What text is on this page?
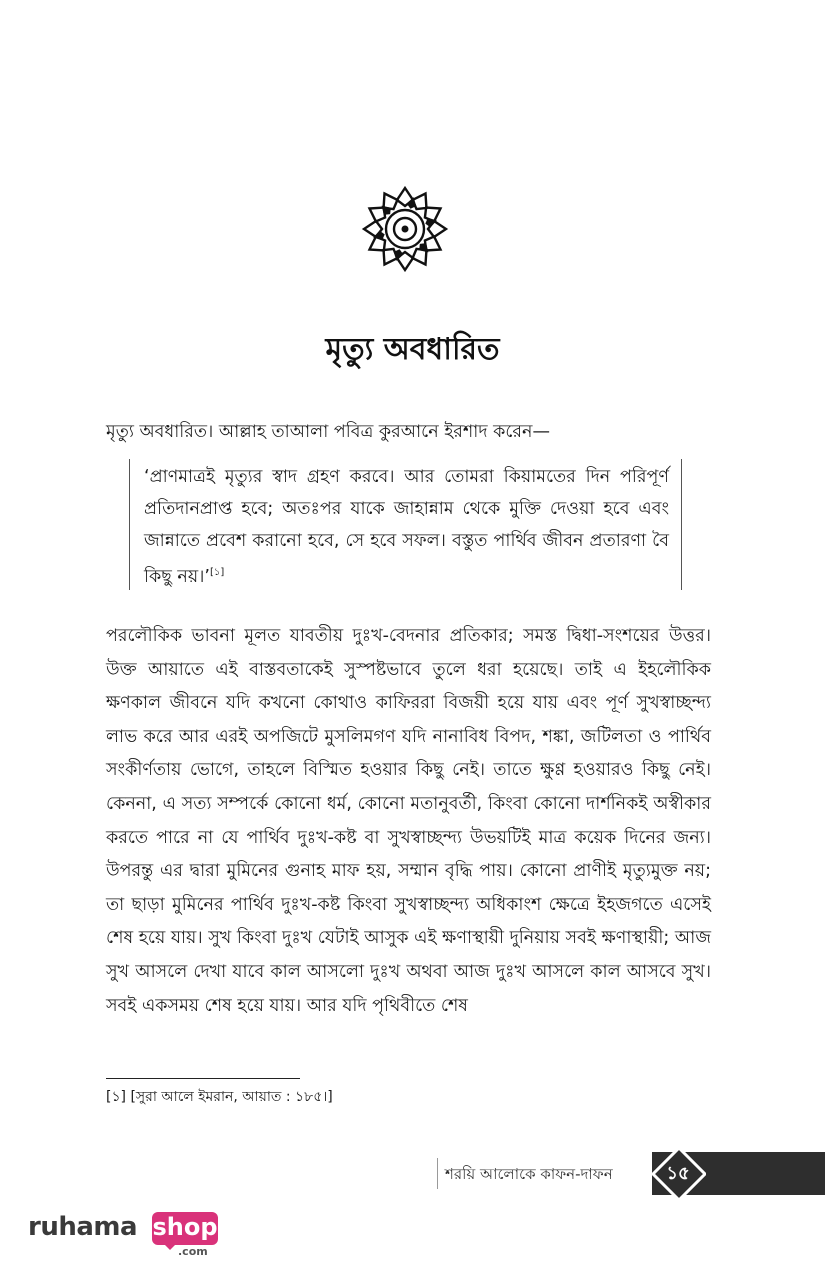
মৃত্যু অবধারিত
মৃত্যু অবধারিত। আল্লাহ তাআলা পবিত্র কুরআনে ইরশাদ করেন—
‘প্রাণমাত্রই মৃত্যুর স্বাদ গ্রহণ করবে। আর তোমরা কিয়ামতের দিন পরিপূর্ণ প্রতিদানপ্রাপ্ত হবে; অতঃপর যাকে জাহান্নাম থেকে মুক্তি দেওয়া হবে এবং জান্নাতে প্রবেশ করানো হবে, সে হবে সফল। বস্তুত পার্থিব জীবন প্রতারণা বৈ কিছু নয়।’[১]
পরলৌকিক ভাবনা মূলত যাবতীয় দুঃখ-বেদনার প্রতিকার; সমস্ত দ্বিধা-সংশয়ের উত্তর। উক্ত আয়াতে এই বাস্তবতাকেই সুস্পষ্টভাবে তুলে ধরা হয়েছে। তাই এ ইহলৌকিক ক্ষণকাল জীবনে যদি কখনো কোথাও কাফিররা বিজয়ী হয়ে যায় এবং পূর্ণ সুখস্বাচ্ছন্দ্য লাভ করে আর এরই অপজিটে মুসলিমগণ যদি নানাবিধ বিপদ, শঙ্কা, জটিলতা ও পার্থিব সংকীর্ণতায় ভোগে, তাহলে বিস্মিত হওয়ার কিছু নেই। তাতে ক্ষুণ্ণ হওয়ারও কিছু নেই। কেননা, এ সত্য সম্পর্কে কোনো ধর্ম, কোনো মতানুবর্তী, কিংবা কোনো দার্শনিকই অস্বীকার করতে পারে না যে পার্থিব দুঃখ-কষ্ট বা সুখস্বাচ্ছন্দ্য উভয়টিই মাত্র কয়েক দিনের জন্য। উপরন্তু এর দ্বারা মুমিনের গুনাহ মাফ হয়, সম্মান বৃদ্ধি পায়। কোনো প্রাণীই মৃত্যুমুক্ত নয়; তা ছাড়া মুমিনের পার্থিব দুঃখ-কষ্ট কিংবা সুখস্বাচ্ছন্দ্য অধিকাংশ ক্ষেত্রে ইহজগতে এসেই শেষ হয়ে যায়। সুখ কিংবা দুঃখ যেটাই আসুক এই ক্ষণাস্থায়ী দুনিয়ায় সবই ক্ষণাস্থায়ী; আজ সুখ আসলে দেখা যাবে কাল আসলো দুঃখ অথবা আজ দুঃখ আসলে কাল আসবে সুখ। সবই একসময় শেষ হয়ে যায়। আর যদি পৃথিবীতে শেষ
[১] [সুরা আলে ইমরান, আয়াত : ১৮৫।]
শরয়ি আলোকে কাফন-দাফন	১৫
ruhama shop
.com
